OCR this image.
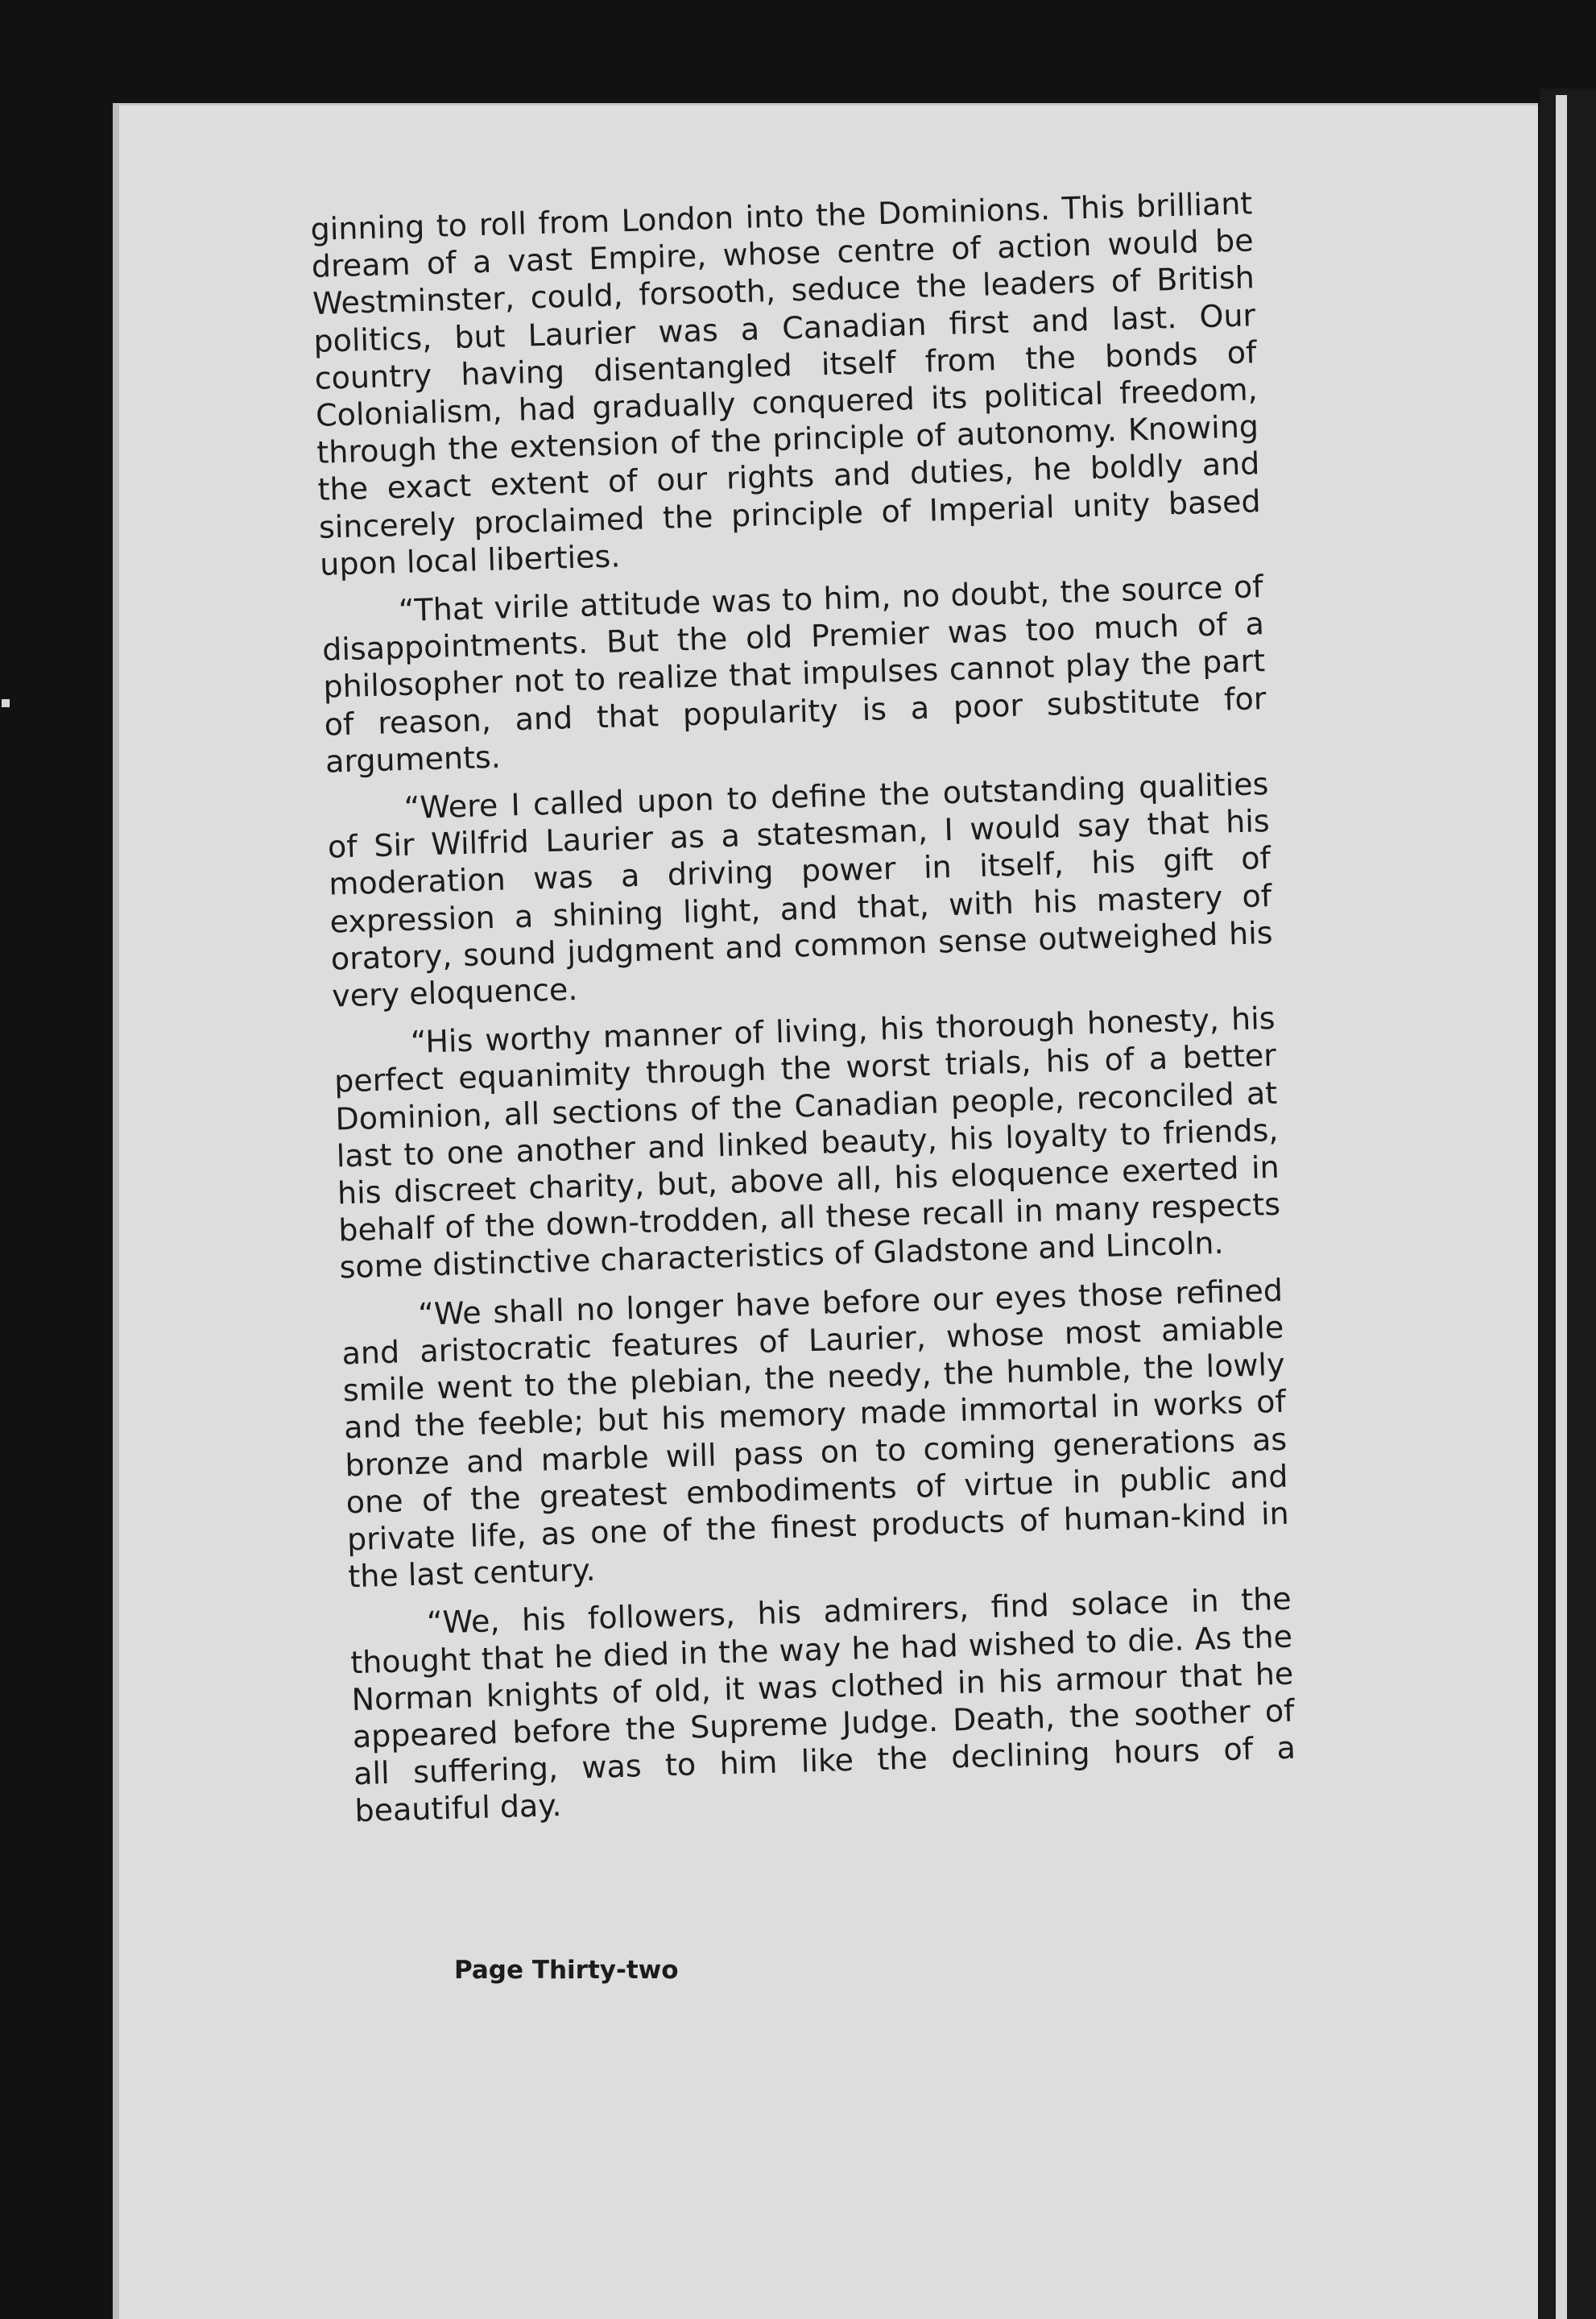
ginning to roll from London into the Dominions. This brilliant dream of a vast Empire, whose centre of action would be Westminster, could, forsooth, seduce the leaders of British politics, but Laurier was a Canadian first and last. Our country having disentangled itself from the bonds of Colonialism, had gradually conquered its political freedom, through the extension of the principle of autonomy. Knowing the exact extent of our rights and duties, he boldly and sincerely proclaimed the principle of Imperial unity based upon local liberties.

“That virile attitude was to him, no doubt, the source of disappointments. But the old Premier was too much of a philosopher not to realize that impulses cannot play the part of reason, and that popularity is a poor substitute for arguments.

“Were I called upon to define the outstanding qualities of Sir Wilfrid Laurier as a statesman, I would say that his moderation was a driving power in itself, his gift of expression a shining light, and that, with his mastery of oratory, sound judgment and common sense outweighed his very eloquence.

“His worthy manner of living, his thorough honesty, his perfect equanimity through the worst trials, his of a better Dominion, all sections of the Canadian people, reconciled at last to one another and linked beauty, his loyalty to friends, his discreet charity, but, above all, his eloquence exerted in behalf of the down-trodden, all these recall in many respects some distinctive characteristics of Gladstone and Lincoln.

“We shall no longer have before our eyes those refined and aristocratic features of Laurier, whose most amiable smile went to the plebian, the needy, the humble, the lowly and the feeble; but his memory made immortal in works of bronze and marble will pass on to coming generations as one of the greatest embodiments of virtue in public and private life, as one of the finest products of human-kind in the last century.

“We, his followers, his admirers, find solace in the thought that he died in the way he had wished to die. As the Norman knights of old, it was clothed in his armour that he appeared before the Supreme Judge. Death, the soother of all suffering, was to him like the declining hours of a beautiful day.

Page Thirty-two
